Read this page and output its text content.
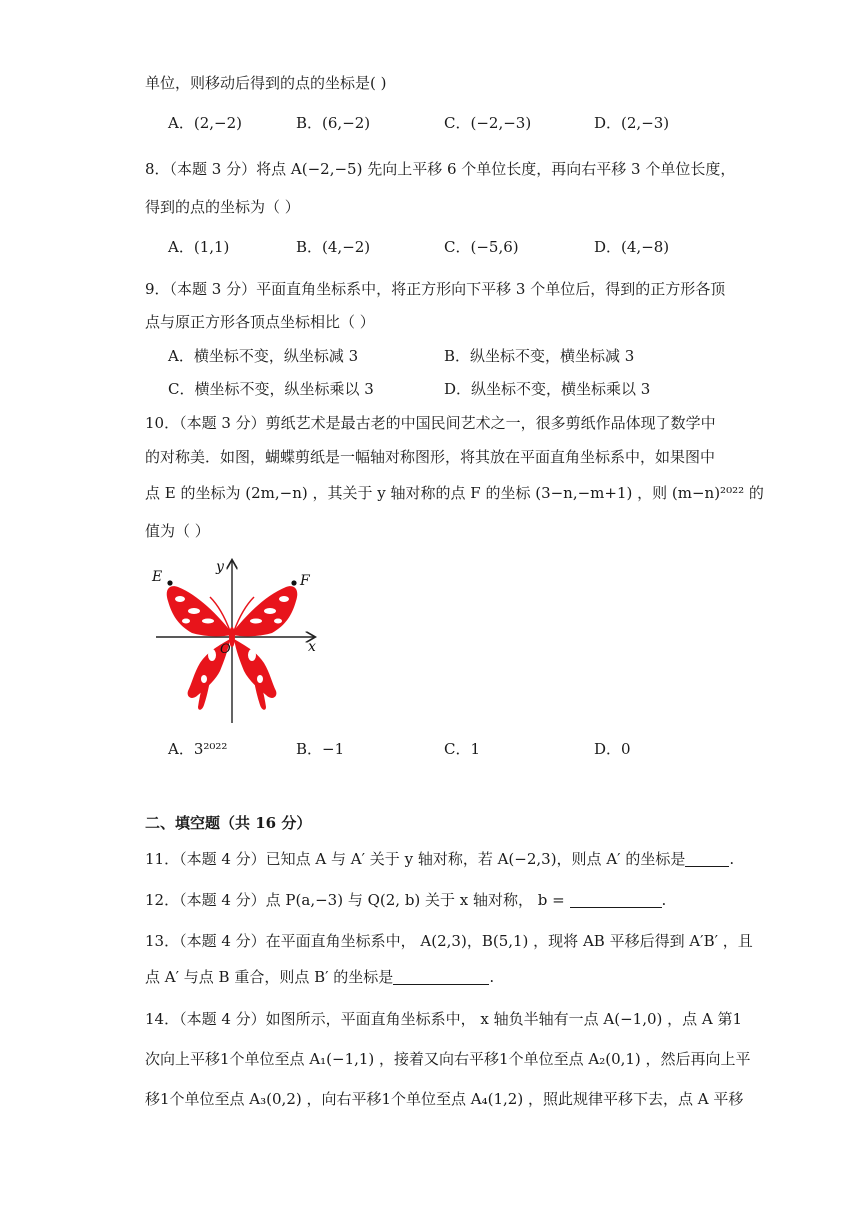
单位，则移动后得到的点的坐标是( )
A．(2,−2)	B．(6,−2)	C．(−2,−3)	D．(2,−3)
8．（本题 3 分）将点 A(−2,−5) 先向上平移 6 个单位长度，再向右平移 3 个单位长度，
得到的点的坐标为（ ）
A．(1,1)	B．(4,−2)	C．(−5,6)	D．(4,−8)
9．（本题 3 分）平面直角坐标系中，将正方形向下平移 3 个单位后，得到的正方形各顶
点与原正方形各顶点坐标相比（ ）
A．横坐标不变，纵坐标减 3	B．纵坐标不变，横坐标减 3
C．横坐标不变，纵坐标乘以 3	D．纵坐标不变，横坐标乘以 3
10．（本题 3 分）剪纸艺术是最古老的中国民间艺术之一，很多剪纸作品体现了数学中
的对称美．如图，蝴蝶剪纸是一幅轴对称图形，将其放在平面直角坐标系中，如果图中
点 E 的坐标为 (2m,−n) ，其关于 y 轴对称的点 F 的坐标 (3−n,−m+1) ，则 (m−n)²⁰²² 的
值为（ ）
E	F
y
x
O
A．3²⁰²²	B．−1	C．1	D．0
二、填空题（共 16 分）
11．（本题 4 分）已知点 A 与 A′ 关于 y 轴对称，若 A(−2,3)，则点 A′ 的坐标是	.
12．（本题 4 分）点 P(a,−3) 与 Q(2, b) 关于 x 轴对称， b =	.
13．（本题 4 分）在平面直角坐标系中， A(2,3)，B(5,1) ，现将 AB 平移后得到 A′B′ ，且
点 A′ 与点 B 重合，则点 B′ 的坐标是	.
14．（本题 4 分）如图所示，平面直角坐标系中， x 轴负半轴有一点 A(−1,0) ，点 A 第1
次向上平移1个单位至点 A₁(−1,1) ，接着又向右平移1个单位至点 A₂(0,1) ，然后再向上平
移1个单位至点 A₃(0,2) ，向右平移1个单位至点 A₄(1,2) ，照此规律平移下去，点 A 平移
